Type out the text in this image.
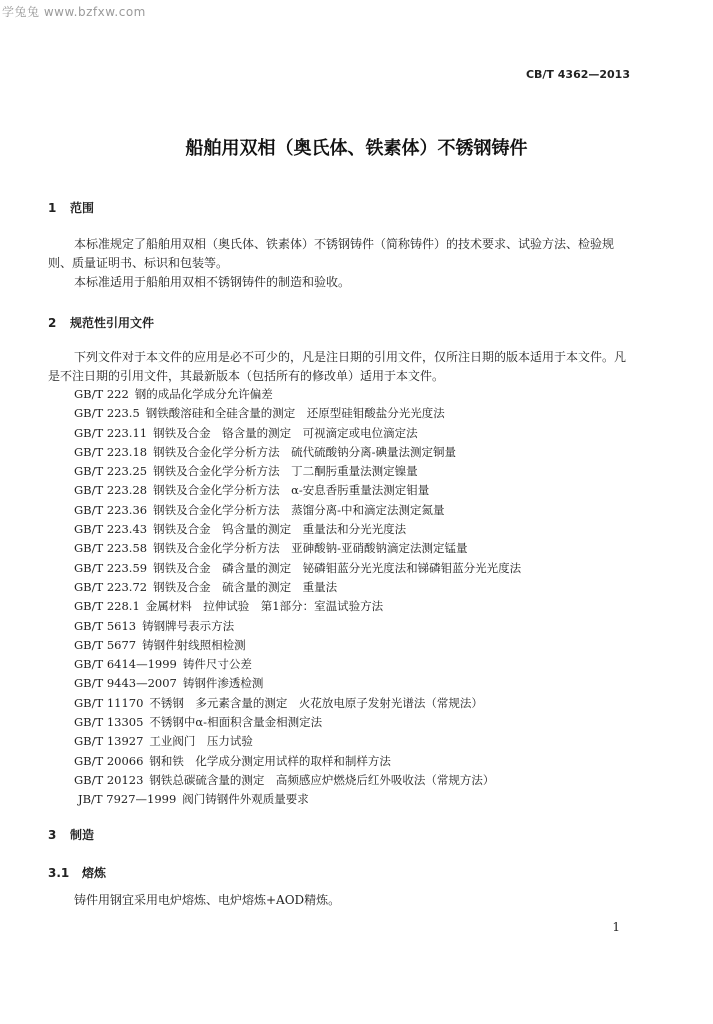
学兔兔 www.bzfxw.com
CB/T 4362—2013
船舶用双相（奥氏体、铁素体）不锈钢铸件
1 范围

本标准规定了船舶用双相（奥氏体、铁素体）不锈钢铸件（简称铸件）的技术要求、试验方法、检验规则、质量证明书、标识和包装等。

本标准适用于船舶用双相不锈钢铸件的制造和验收。

2 规范性引用文件

下列文件对于本文件的应用是必不可少的，凡是注日期的引用文件，仅所注日期的版本适用于本文件。凡是不注日期的引用文件，其最新版本（包括所有的修改单）适用于本文件。

GB/T 222 钢的成品化学成分允许偏差
GB/T 223.5 钢铁酸溶硅和全硅含量的测定　还原型硅钼酸盐分光光度法
GB/T 223.11 钢铁及合金　铬含量的测定　可视滴定或电位滴定法
GB/T 223.18 钢铁及合金化学分析方法　硫代硫酸钠分离-碘量法测定铜量
GB/T 223.25 钢铁及合金化学分析方法　丁二酮肟重量法测定镍量
GB/T 223.28 钢铁及合金化学分析方法　α-安息香肟重量法测定钼量
GB/T 223.36 钢铁及合金化学分析方法　蒸馏分离-中和滴定法测定氮量
GB/T 223.43 钢铁及合金　钨含量的测定　重量法和分光光度法
GB/T 223.58 钢铁及合金化学分析方法　亚砷酸钠-亚硝酸钠滴定法测定锰量
GB/T 223.59 钢铁及合金　磷含量的测定　铋磷钼蓝分光光度法和锑磷钼蓝分光光度法
GB/T 223.72 钢铁及合金　硫含量的测定　重量法
GB/T 228.1 金属材料　拉伸试验　第1部分：室温试验方法
GB/T 5613 铸钢牌号表示方法
GB/T 5677 铸钢件射线照相检测
GB/T 6414—1999 铸件尺寸公差
GB/T 9443—2007 铸钢件渗透检测
GB/T 11170 不锈钢　多元素含量的测定　火花放电原子发射光谱法（常规法）
GB/T 13305 不锈钢中α-相面积含量金相测定法
GB/T 13927 工业阀门　压力试验
GB/T 20066 钢和铁　化学成分测定用试样的取样和制样方法
GB/T 20123 钢铁总碳硫含量的测定　高频感应炉燃烧后红外吸收法（常规方法）
JB/T 7927—1999 阀门铸钢件外观质量要求
3 制造
3.1 熔炼

铸件用钢宜采用电炉熔炼、电炉熔炼+AOD精炼。

1
